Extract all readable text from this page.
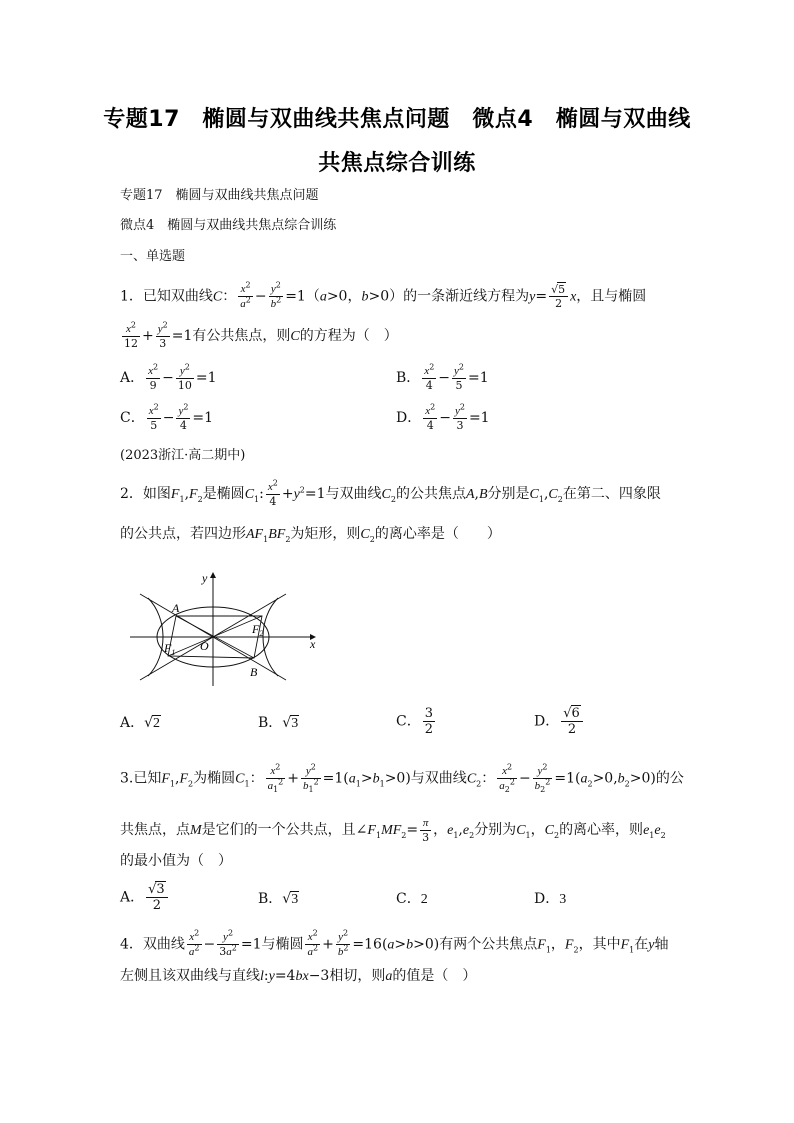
专题17　椭圆与双曲线共焦点问题　微点4　椭圆与双曲线共焦点综合训练
专题17　椭圆与双曲线共焦点问题
微点4　椭圆与双曲线共焦点综合训练
一、单选题
1．已知双曲线C： $\frac{x^2}{a^2} - \frac{y^2}{b^2} =1(a>0$，b>0）的一条渐近线方程为$y= \frac{√5}{2}$ x，且与椭圆
$\frac{x^2}{12} + \frac{y^2}{3} =1$有公共焦点，则C的方程为（　）
A． $\frac{x^2}{9} - \frac{y^2}{10} =1$	B． $\frac{x^2}{4} - \frac{y^2}{5} =1$
C． $\frac{x^2}{5} - \frac{y^2}{4} =1$	D． $\frac{x^2}{4} - \frac{y^2}{3} =1$
(2023浙江·高二期中)
2．如图$F_1,F_2$是椭圆$C_1$: $\frac{x^2}{4} +y^2=1$与双曲线$C_2$的公共焦点A,B分别是$C_1,C_2$在第二、四象限
的公共点，若四边形$AF_1BF_2$为矩形，则$C_2$的离心率是（　　）
y
x
A
$F_1$ O
$F_2$
B
A．√2	B．√3	C． $\frac{3}{2}$	D． $\frac{√6}{2}$
3.已知$F_1,F_2$为椭圆$C_1$： $\frac{x^2}{a_1^2} + \frac{y^2}{b_1^2} =1(a_1>b_1>0)$与双曲线$C_2$： $\frac{x^2}{a_2^2} - \frac{y^2}{b_2^2} =1(a_2>0,b_2>0)$的公
共焦点，点M是它们的一个公共点，且$\angle F_1MF_2= \frac{\pi}{3}$ ，$e_1,e_2$分别为$C_1$，$C_2$的离心率，则$e_1e_2$
的最小值为（　）
A． $\frac{√3}{2}$	B．√3	C．2	D．3
4．双曲线 $\frac{x^2}{a^2} - \frac{y^2}{3a^2} =1$与椭圆 $\frac{x^2}{a^2} + \frac{y^2}{b^2} =16(a>b>0)$有两个公共焦点$F_1$，$F_2$，其中$F_1$在y轴
左侧且该双曲线与直线l:y=4bx−3相切，则a的值是（　）
